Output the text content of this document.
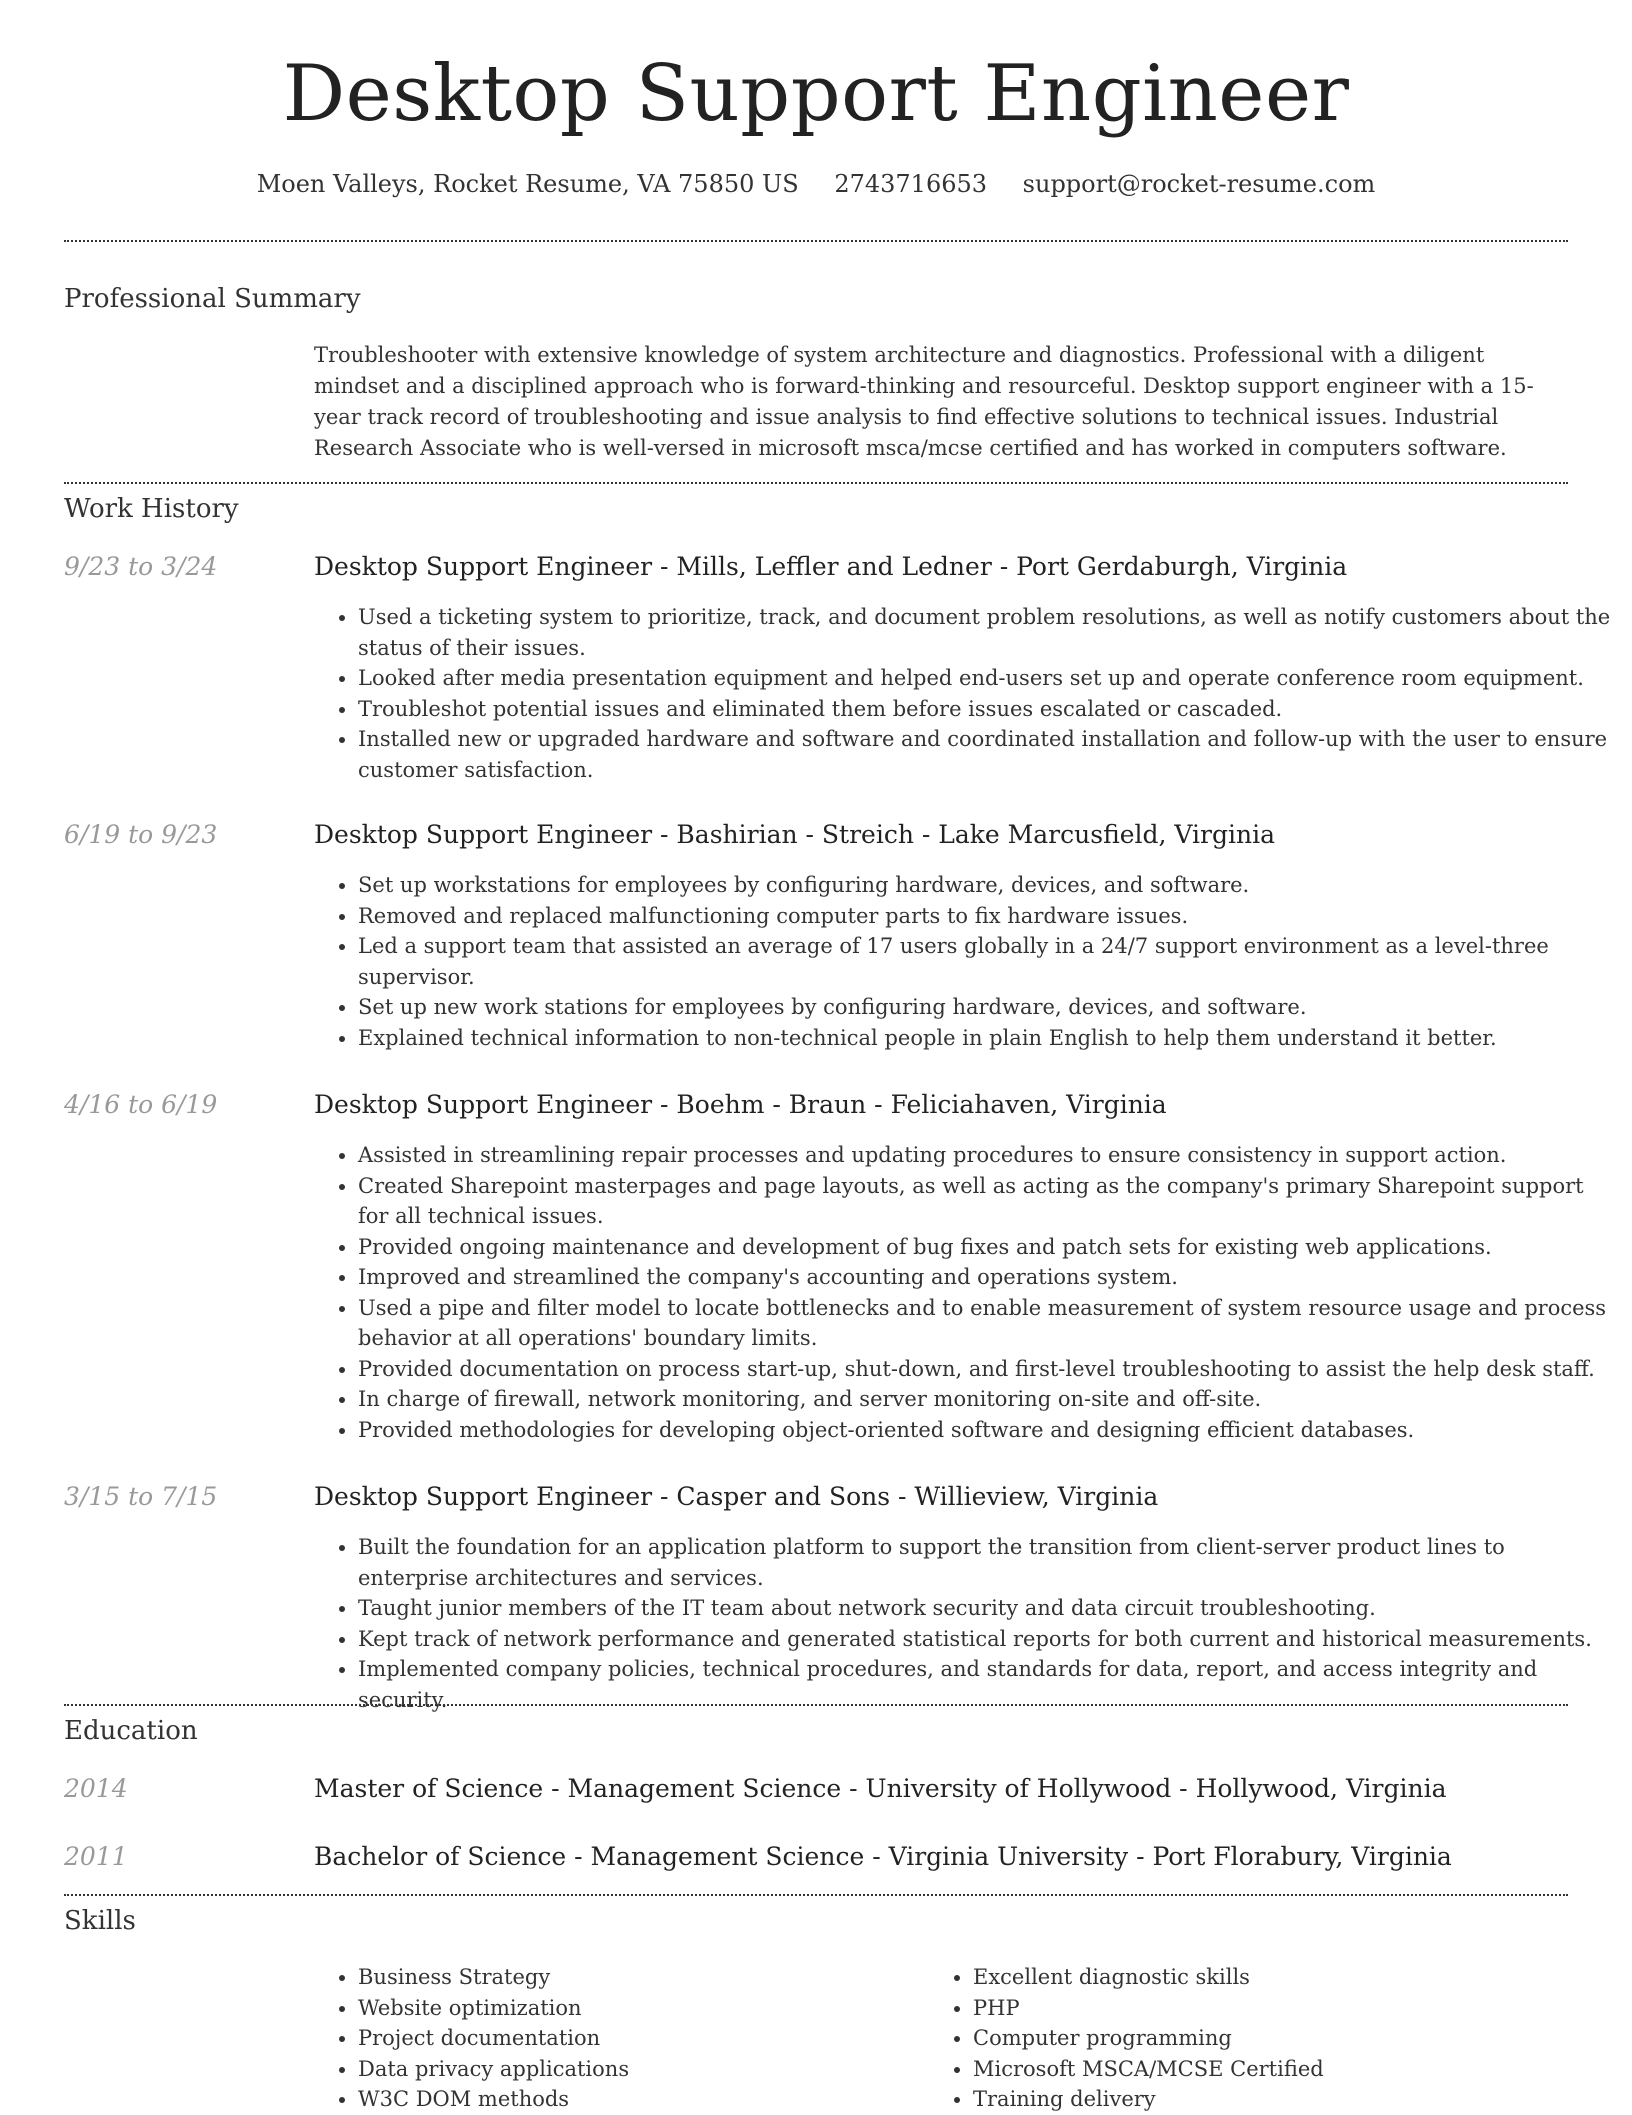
Desktop Support Engineer
Moen Valleys, Rocket Resume, VA 75850 US 2743716653 support@rocket-resume.com
Professional Summary

Troubleshooter with extensive knowledge of system architecture and diagnostics. Professional with a diligent mindset and a disciplined approach who is forward-thinking and resourceful. Desktop support engineer with a 15-year track record of troubleshooting and issue analysis to find effective solutions to technical issues. Industrial Research Associate who is well-versed in microsoft msca/mcse certified and has worked in computers software.

Work History
9/23 to 3/24	Desktop Support Engineer - Mills, Leffler and Ledner - Port Gerdaburgh, Virginia
• Used a ticketing system to prioritize, track, and document problem resolutions, as well as notify customers about the status of their issues.
• Looked after media presentation equipment and helped end-users set up and operate conference room equipment.
• Troubleshot potential issues and eliminated them before issues escalated or cascaded.
• Installed new or upgraded hardware and software and coordinated installation and follow-up with the user to ensure customer satisfaction.
6/19 to 9/23	Desktop Support Engineer - Bashirian - Streich - Lake Marcusfield, Virginia
• Set up workstations for employees by configuring hardware, devices, and software.
• Removed and replaced malfunctioning computer parts to fix hardware issues.
• Led a support team that assisted an average of 17 users globally in a 24/7 support environment as a level-three supervisor.
• Set up new work stations for employees by configuring hardware, devices, and software.
• Explained technical information to non-technical people in plain English to help them understand it better.
4/16 to 6/19	Desktop Support Engineer - Boehm - Braun - Feliciahaven, Virginia
• Assisted in streamlining repair processes and updating procedures to ensure consistency in support action.
• Created Sharepoint masterpages and page layouts, as well as acting as the company's primary Sharepoint support for all technical issues.
• Provided ongoing maintenance and development of bug fixes and patch sets for existing web applications.
• Improved and streamlined the company's accounting and operations system.
• Used a pipe and filter model to locate bottlenecks and to enable measurement of system resource usage and process behavior at all operations' boundary limits.
• Provided documentation on process start-up, shut-down, and first-level troubleshooting to assist the help desk staff.
• In charge of firewall, network monitoring, and server monitoring on-site and off-site.
• Provided methodologies for developing object-oriented software and designing efficient databases.
3/15 to 7/15	Desktop Support Engineer - Casper and Sons - Willieview, Virginia
• Built the foundation for an application platform to support the transition from client-server product lines to enterprise architectures and services.
• Taught junior members of the IT team about network security and data circuit troubleshooting.
• Kept track of network performance and generated statistical reports for both current and historical measurements.
• Implemented company policies, technical procedures, and standards for data, report, and access integrity and security.
Education
2014	Master of Science - Management Science - University of Hollywood - Hollywood, Virginia
2011	Bachelor of Science - Management Science - Virginia University - Port Florabury, Virginia
Skills
• Business Strategy
• Website optimization
• Project documentation
• Data privacy applications
• W3C DOM methods
• Excellent diagnostic skills
• PHP
• Computer programming
• Microsoft MSCA/MCSE Certified
• Training delivery
